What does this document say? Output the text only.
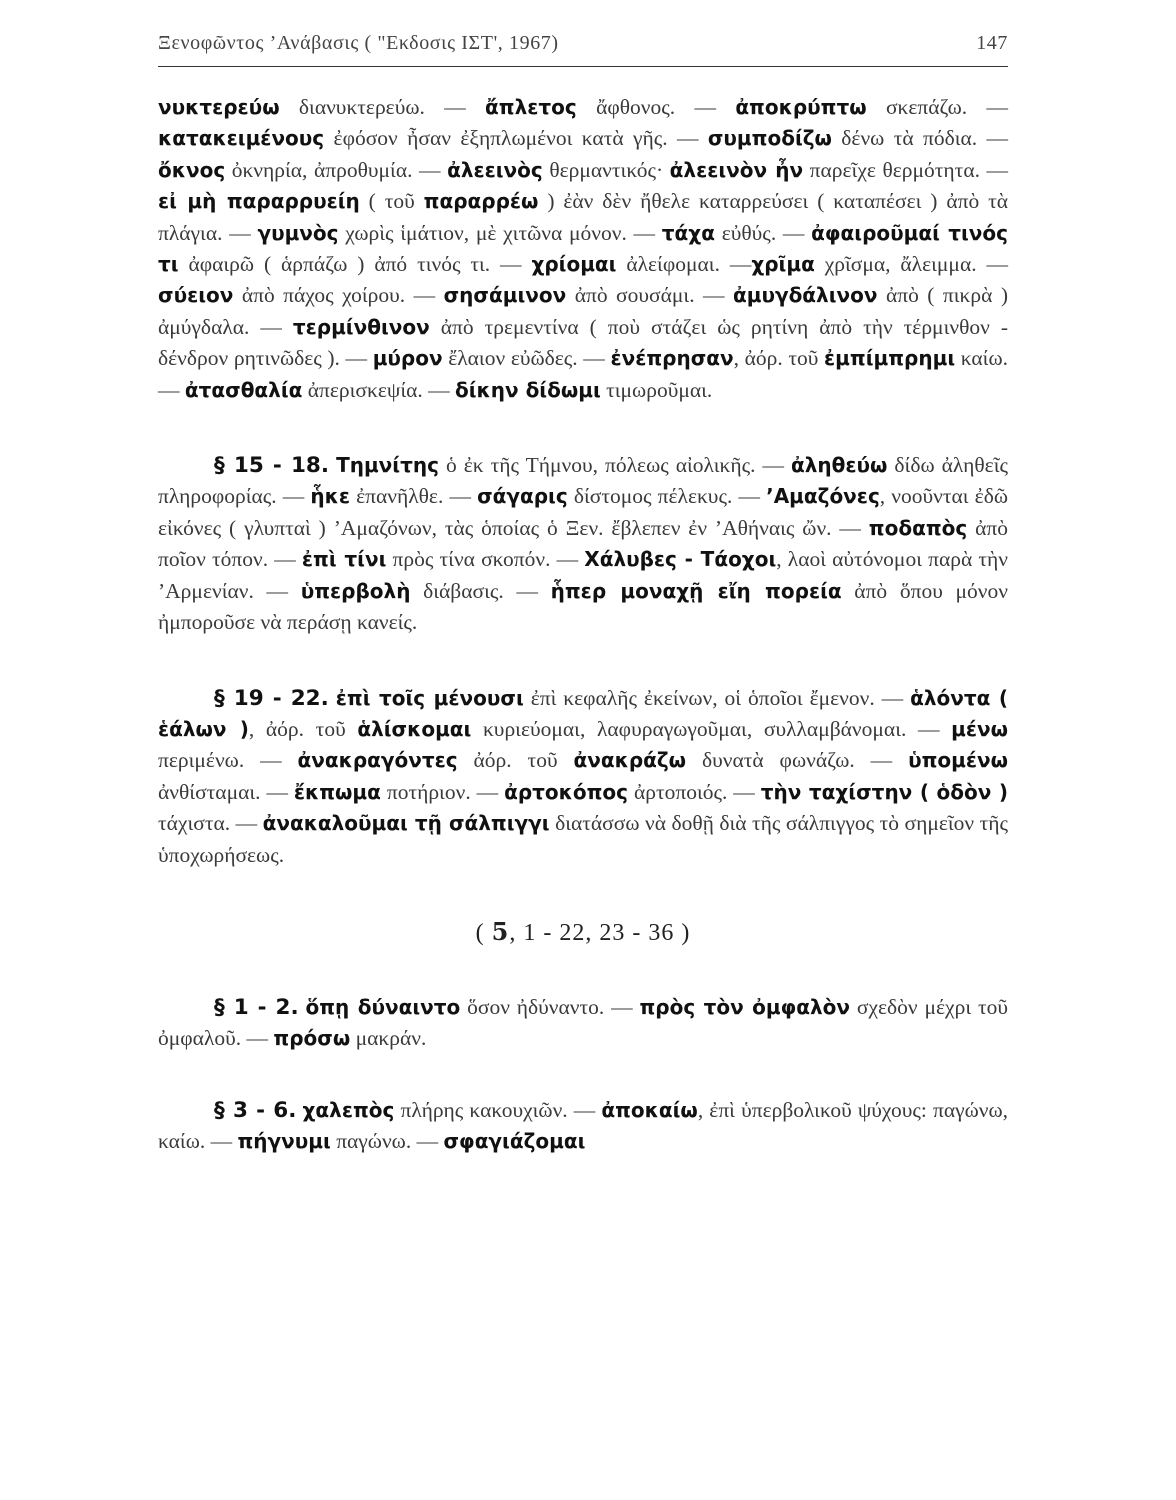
Ξενοφῶντος ’Ανάβασις ( "Εκδοσις ΙΣΤ', 1967)	147

νυκτερεύω διανυκτερεύω. — ἄπλετος ἄφθονος. — ἀποκρύπτω σκεπάζω. — κατακειμένους ἐφόσον ἦσαν ἐξηπλωμένοι κατὰ γῆς. — συμποδίζω δένω τὰ πόδια. — ὄκνος ὀκνηρία, ἀπροθυμία. — ἀλεεινὸς θερμαντικός· ἀλεεινὸν ἦν παρεῖχε θερμότητα. — εἰ μὴ παραρρυείη ( τοῦ παραρρέω ) ἐὰν δὲν ἤθελε καταρρεύσει ( καταπέσει ) ἀπὸ τὰ πλάγια. — γυμνὸς χωρὶς ἱμάτιον, μὲ χιτῶνα μόνον. — τάχα εὐθύς. — ἀφαιροῦμαί τινός τι ἀφαιρῶ ( ἁρπάζω ) ἀπό τινός τι. — χρίομαι ἀλείφομαι. —χρῖμα χρῖσμα, ἄλειμμα. — σύειον ἀπὸ πάχος χοίρου. — σησάμινον ἀπὸ σουσάμι. — ἀμυγδάλινον ἀπὸ ( πικρὰ ) ἀμύγδαλα. — τερμίνθινον ἀπὸ τρεμεντίνα ( ποὺ στάζει ὡς ρητίνη ἀπὸ τὴν τέρμινθον - δένδρον ρητινῶδες ). — μύρον ἔλαιον εὐῶδες. — ἐνέπρησαν, ἀόρ. τοῦ ἐμπίμπρημι καίω. — ἀτασθαλία ἀπερισκεψία. — δίκην δίδωμι τιμωροῦμαι.

§ 15 - 18. Τημνίτης ὁ ἐκ τῆς Τήμνου, πόλεως αἰολικῆς. — ἀληθεύω δίδω ἀληθεῖς πληροφορίας. — ἧκε ἐπανῆλθε. — σάγαρις δίστομος πέλεκυς. — ’Αμαζόνες, νοοῦνται ἐδῶ εἰκόνες ( γλυπταὶ ) ’Αμαζόνων, τὰς ὁποίας ὁ Ξεν. ἔβλεπεν ἐν ’Αθήναις ὤν. — ποδαπὸς ἀπὸ ποῖον τόπον. — ἐπὶ τίνι πρὸς τίνα σκοπόν. — Χάλυβες - Τάοχοι, λαοὶ αὐτόνομοι παρὰ τὴν ’Αρμενίαν. — ὑπερβολὴ διάβασις. — ἧπερ μοναχῇ εἴη πορεία ἀπὸ ὅπου μόνον ἠμποροῦσε νὰ περάσῃ κανείς.

§ 19 - 22. ἐπὶ τοῖς μένουσι ἐπὶ κεφαλῆς ἐκείνων, οἱ ὁποῖοι ἔμενον. — ἁλόντα ( ἑάλων ), ἀόρ. τοῦ ἁλίσκομαι κυριεύομαι, λαφυραγωγοῦμαι, συλλαμβάνομαι. — μένω περιμένω. — ἀνακραγόντες ἀόρ. τοῦ ἀνακράζω δυνατὰ φωνάζω. — ὑπομένω ἀνθίσταμαι. — ἔκπωμα ποτήριον. — ἀρτοκόπος ἀρτοποιός. — τὴν ταχίστην ( ὁδὸν ) τάχιστα. — ἀνακαλοῦμαι τῇ σάλπιγγι διατάσσω νὰ δοθῇ διὰ τῆς σάλπιγγος τὸ σημεῖον τῆς ὑποχωρήσεως.

( 5, 1 - 22, 23 - 36 )

§ 1 - 2. ὅπῃ δύναιντο ὅσον ἠδύναντο. — πρὸς τὸν ὀμφαλὸν σχεδὸν μέχρι τοῦ ὀμφαλοῦ. — πρόσω μακράν.

§ 3 - 6. χαλεπὸς πλήρης κακουχιῶν. — ἀποκαίω, ἐπὶ ὑπερβολικοῦ ψύχους: παγώνω, καίω. — πήγνυμι παγώνω. — σφαγιάζομαι
